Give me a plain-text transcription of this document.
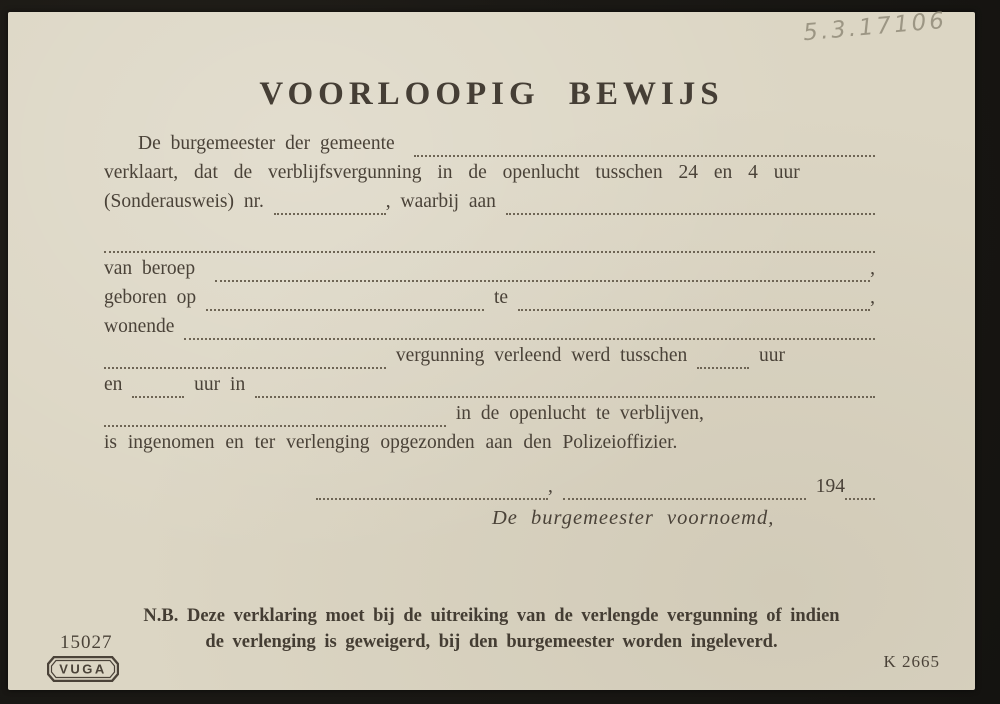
5.3.17106
VOORLOOPIG BEWIJS
De burgemeester der gemeente

verklaart, dat de verblijfsvergunning in de openlucht tusschen 24 en 4 uur
(Sonderausweis) nr.
	, waarbij aan

van beroep
	,
geboren op

	te
	,
wonende

vergunning verleend werd tusschen

	uur
en

	uur in

in de openlucht te verblijven,
is ingenomen en ter verlenging opgezonden aan den Polizeioffizier.
,

	194
De burgemeester voornoemd,
N.B. Deze verklaring moet bij de uitreiking van de verlengde vergunning of indien
de verlenging is geweigerd, bij den burgemeester worden ingeleverd.
15027
VUGA	K 2665
